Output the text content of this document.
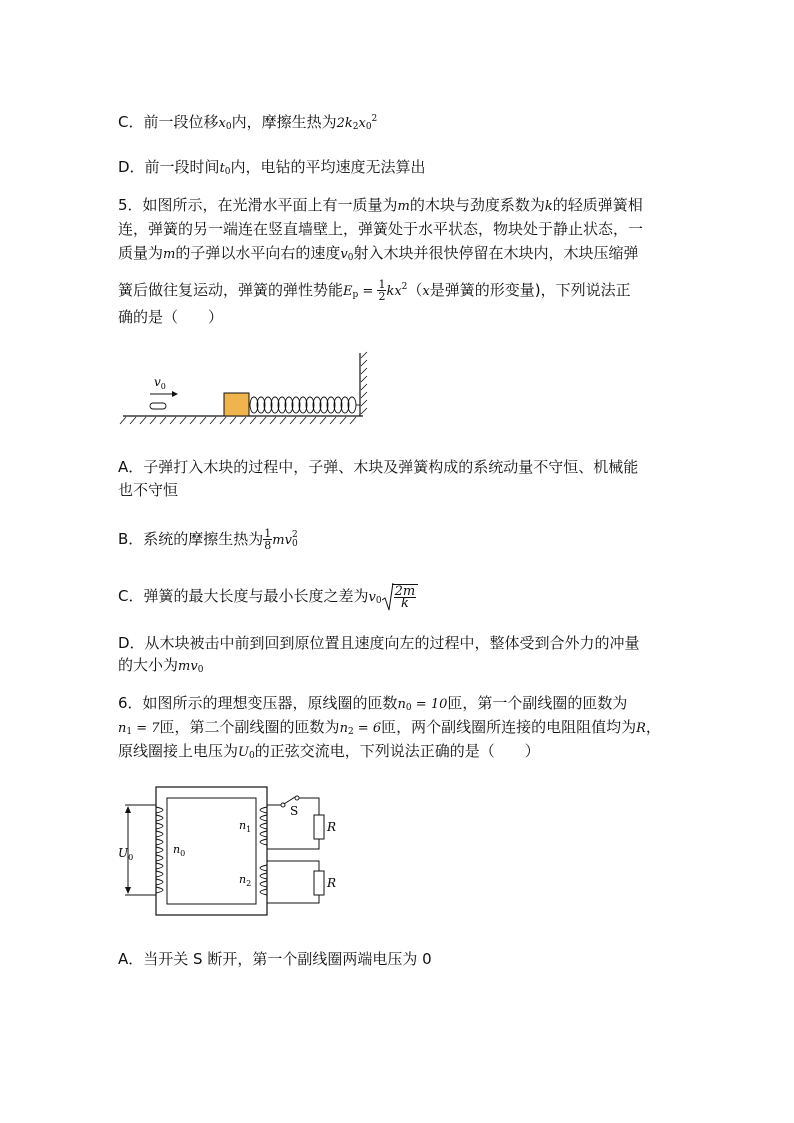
C．前一段位移$x_0$内，摩擦生热为$2k_2x_0^2$
D．前一段时间$t_0$内，电钻的平均速度无法算出
5．如图所示，在光滑水平面上有一质量为m的木块与劲度系数为k的轻质弹簧相
连，弹簧的另一端连在竖直墙壁上，弹簧处于水平状态，物块处于静止状态，一
质量为m的子弹以水平向右的速度$v_0$射入木块并很快停留在木块内，木块压缩弹
簧后做往复运动，弹簧的弹性势能$E_p = \frac{1}{2} kx^2(x$是弹簧的形变量)，下列说法正
确的是（　　）
$v_0$
A．子弹打入木块的过程中，子弹、木块及弹簧构成的系统动量不守恒、机械能
也不守恒
B．系统的摩擦生热为 $\frac{1}{8}$ mv 2
0
C．弹簧的最大长度与最小长度之差为$v_0 \frac{2m}{k}$
D．从木块被击中前到回到原位置且速度向左的过程中，整体受到合外力的冲量
的大小为$mv_0$
6．如图所示的理想变压器，原线圈的匝数$n_0 = 10$匝，第一个副线圈的匝数为
$n_1 = 7$匝，第二个副线圈的匝数为$n_2 = 6$匝，两个副线圈所连接的电阻阻值均为R，
原线圈接上电压为$U_0$的正弦交流电，下列说法正确的是（　　）
$U_0$
$n_0$
$n_1$
$n_2$
S
R
R
A．当开关 S 断开，第一个副线圈两端电压为 0
